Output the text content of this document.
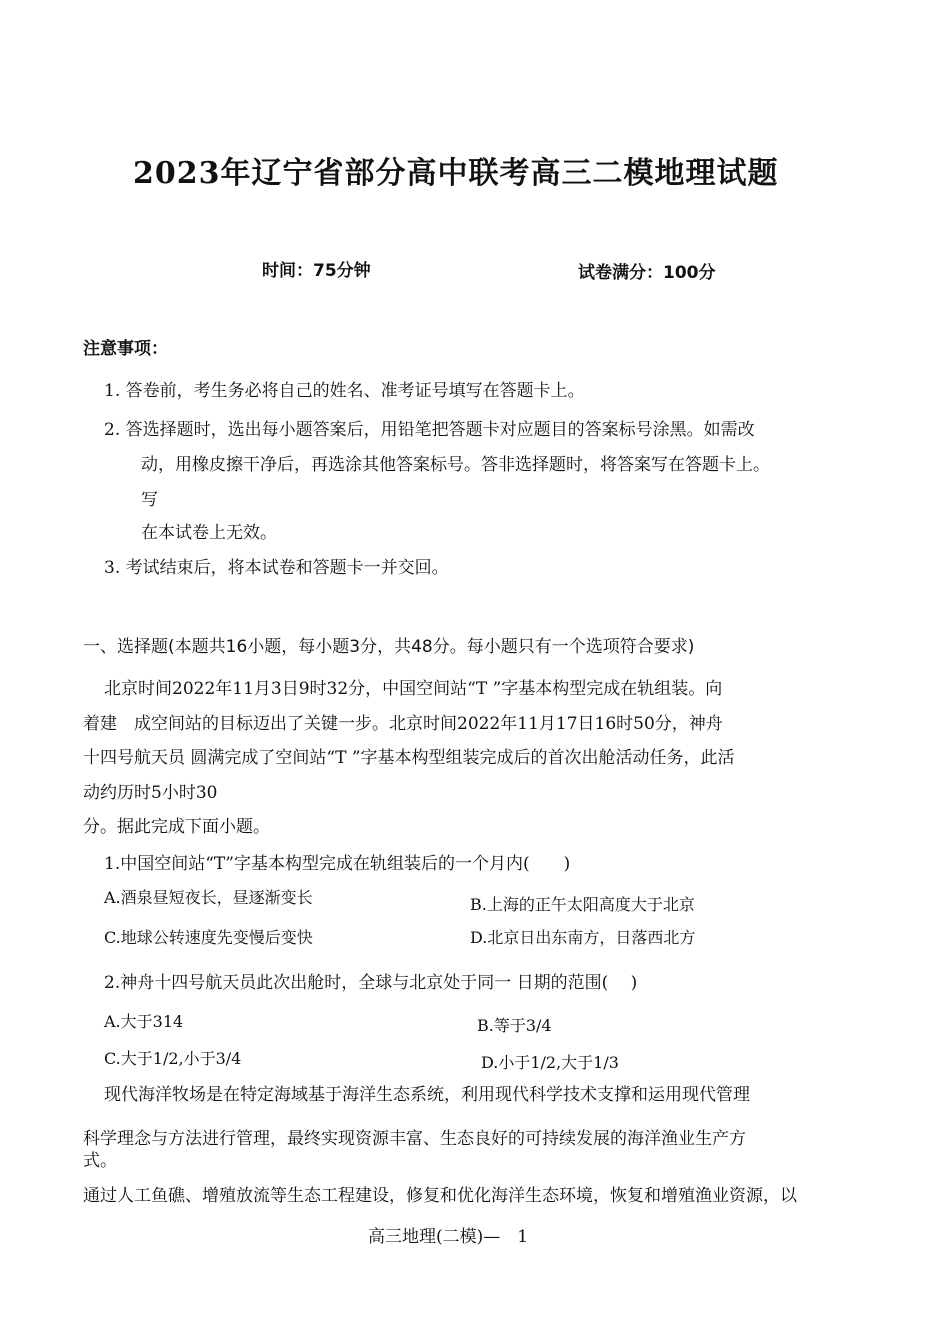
2023年辽宁省部分高中联考高三二模地理试题
时间：75分钟	试卷满分：100分
注意事项：
1. 答卷前，考生务必将自己的姓名、准考证号填写在答题卡上。
2. 答选择题时，选出每小题答案后，用铅笔把答题卡对应题目的答案标号涂黑。如需改
动，用橡皮擦干净后，再选涂其他答案标号。答非选择题时，将答案写在答题卡上。
写
在本试卷上无效。
3. 考试结束后，将本试卷和答题卡一并交回。
一、选择题(本题共16小题，每小题3分，共48分。每小题只有一个选项符合要求)
北京时间2022年11月3日9时32分，中国空间站“T ”字基本构型完成在轨组装。向
着建　成空间站的目标迈出了关键一步。北京时间2022年11月17日16时50分，神舟
十四号航天员 圆满完成了空间站“T ”字基本构型组装完成后的首次出舱活动任务，此活
动约历时5小时30
分。据此完成下面小题。
1.中国空间站“T”字基本构型完成在轨组装后的一个月内(　　)
A.酒泉昼短夜长，昼逐渐变长	B.上海的正午太阳高度大于北京
C.地球公转速度先变慢后变快	D.北京日出东南方，日落西北方
2.神舟十四号航天员此次出舱时，全球与北京处于同一 日期的范围(　 )
A.大于314	B.等于3/4
C.大于1/2,小于3/4	D.小于1/2,大于1/3
现代海洋牧场是在特定海域基于海洋生态系统，利用现代科学技术支撑和运用现代管理
科学理念与方法进行管理，最终实现资源丰富、生态良好的可持续发展的海洋渔业生产方
式。
通过人工鱼礁、增殖放流等生态工程建设，修复和优化海洋生态环境，恢复和增殖渔业资源，以
高三地理(二模)—　1
